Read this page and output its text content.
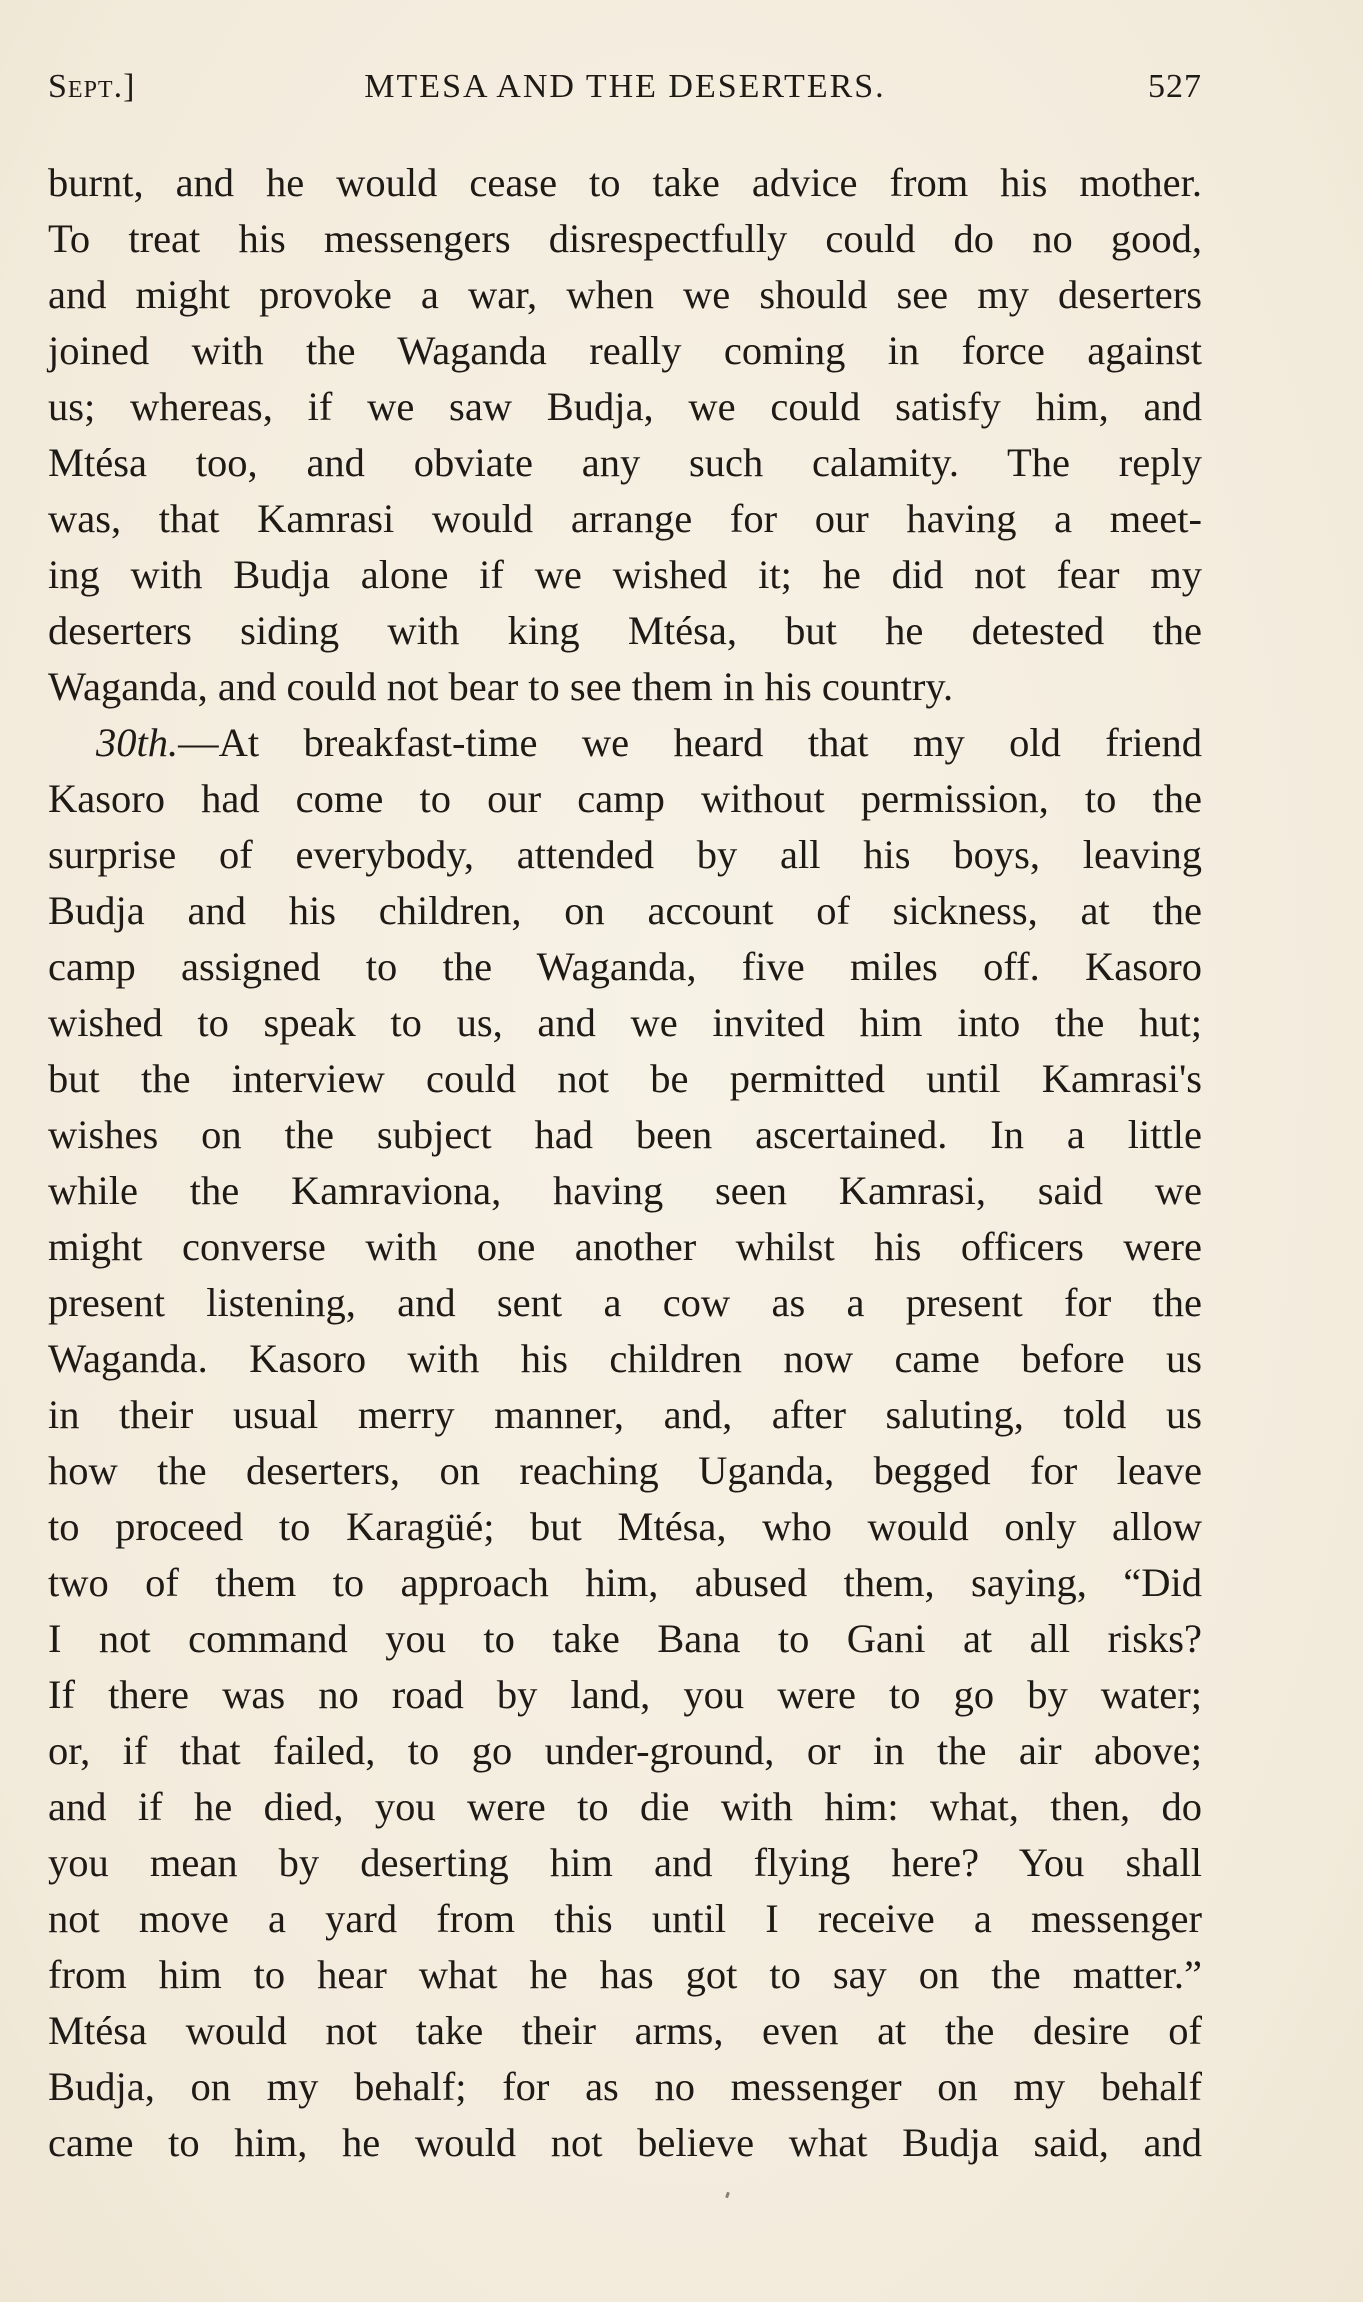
Sept.]	MTESA AND THE DESERTERS.	527
burnt, and he would cease to take advice from his mother.
To treat his messengers disrespectfully could do no good,
and might provoke a war, when we should see my deserters
joined with the Waganda really coming in force against
us; whereas, if we saw Budja, we could satisfy him, and
Mtésa too, and obviate any such calamity. The reply
was, that Kamrasi would arrange for our having a meet-
ing with Budja alone if we wished it; he did not fear my
deserters siding with king Mtésa, but he detested the
Waganda, and could not bear to see them in his country.
30th.—At breakfast-time we heard that my old friend
Kasoro had come to our camp without permission, to the
surprise of everybody, attended by all his boys, leaving
Budja and his children, on account of sickness, at the
camp assigned to the Waganda, five miles off. Kasoro
wished to speak to us, and we invited him into the hut;
but the interview could not be permitted until Kamrasi's
wishes on the subject had been ascertained. In a little
while the Kamraviona, having seen Kamrasi, said we
might converse with one another whilst his officers were
present listening, and sent a cow as a present for the
Waganda. Kasoro with his children now came before us
in their usual merry manner, and, after saluting, told us
how the deserters, on reaching Uganda, begged for leave
to proceed to Karagüé; but Mtésa, who would only allow
two of them to approach him, abused them, saying, “Did
I not command you to take Bana to Gani at all risks?
If there was no road by land, you were to go by water;
or, if that failed, to go under-ground, or in the air above;
and if he died, you were to die with him: what, then, do
you mean by deserting him and flying here? You shall
not move a yard from this until I receive a messenger
from him to hear what he has got to say on the matter.”
Mtésa would not take their arms, even at the desire of
Budja, on my behalf; for as no messenger on my behalf
came to him, he would not believe what Budja said, and
